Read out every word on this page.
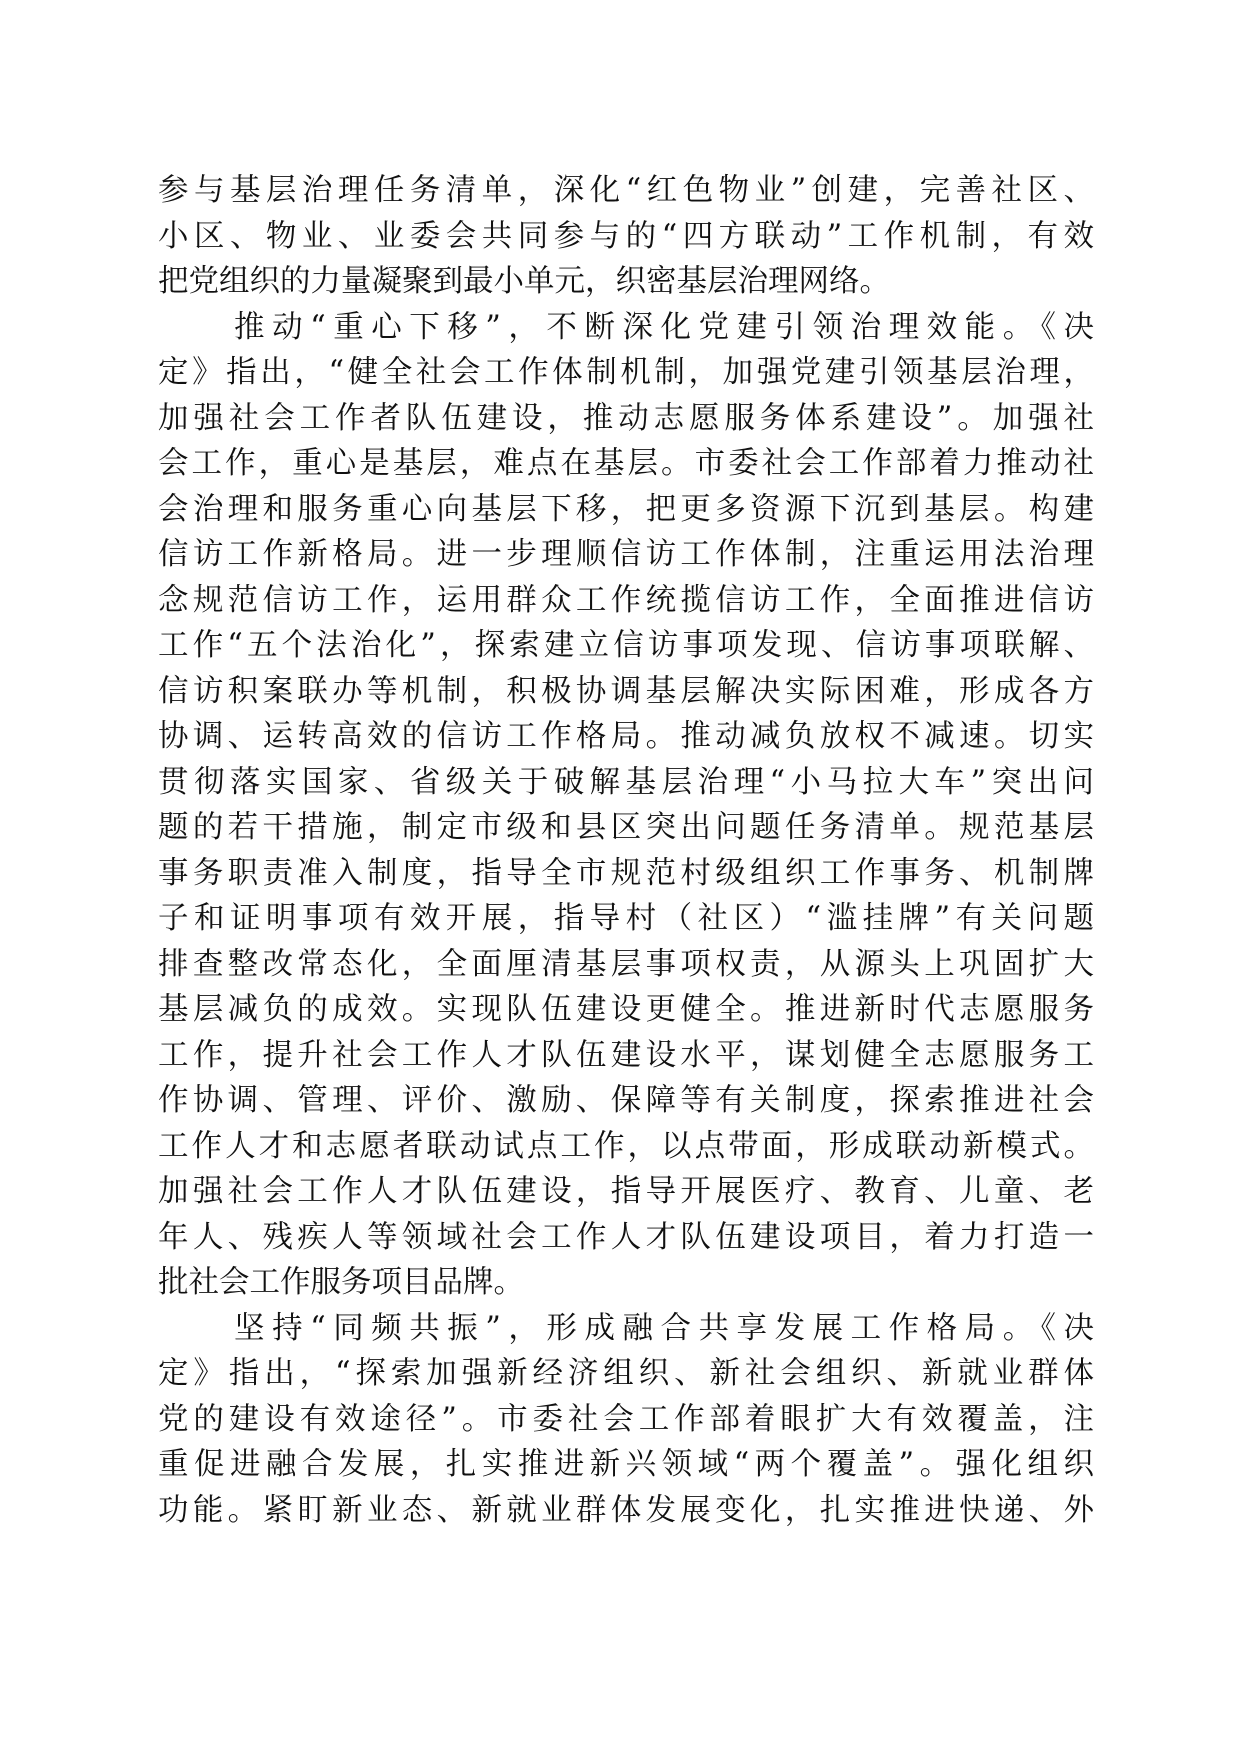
参与基层治理任务清单，深化“红色物业”创建，完善社区、
小区、物业、业委会共同参与的“四方联动”工作机制，有效
把党组织的力量凝聚到最小单元，织密基层治理网络。
　　推动“重心下移”，不断深化党建引领治理效能。《决
定》指出，“健全社会工作体制机制，加强党建引领基层治理，
加强社会工作者队伍建设，推动志愿服务体系建设”。加强社
会工作，重心是基层，难点在基层。市委社会工作部着力推动社
会治理和服务重心向基层下移，把更多资源下沉到基层。构建
信访工作新格局。进一步理顺信访工作体制，注重运用法治理
念规范信访工作，运用群众工作统揽信访工作，全面推进信访
工作“五个法治化”，探索建立信访事项发现、信访事项联解、
信访积案联办等机制，积极协调基层解决实际困难，形成各方
协调、运转高效的信访工作格局。推动减负放权不减速。切实
贯彻落实国家、省级关于破解基层治理“小马拉大车”突出问
题的若干措施，制定市级和县区突出问题任务清单。规范基层
事务职责准入制度，指导全市规范村级组织工作事务、机制牌
子和证明事项有效开展，指导村（社区）“滥挂牌”有关问题
排查整改常态化，全面厘清基层事项权责，从源头上巩固扩大
基层减负的成效。实现队伍建设更健全。推进新时代志愿服务
工作，提升社会工作人才队伍建设水平，谋划健全志愿服务工
作协调、管理、评价、激励、保障等有关制度，探索推进社会
工作人才和志愿者联动试点工作，以点带面，形成联动新模式。
加强社会工作人才队伍建设，指导开展医疗、教育、儿童、老
年人、残疾人等领域社会工作人才队伍建设项目，着力打造一
批社会工作服务项目品牌。
　　坚持“同频共振”，形成融合共享发展工作格局。《决
定》指出，“探索加强新经济组织、新社会组织、新就业群体
党的建设有效途径”。市委社会工作部着眼扩大有效覆盖，注
重促进融合发展，扎实推进新兴领域“两个覆盖”。强化组织
功能。紧盯新业态、新就业群体发展变化，扎实推进快递、外
